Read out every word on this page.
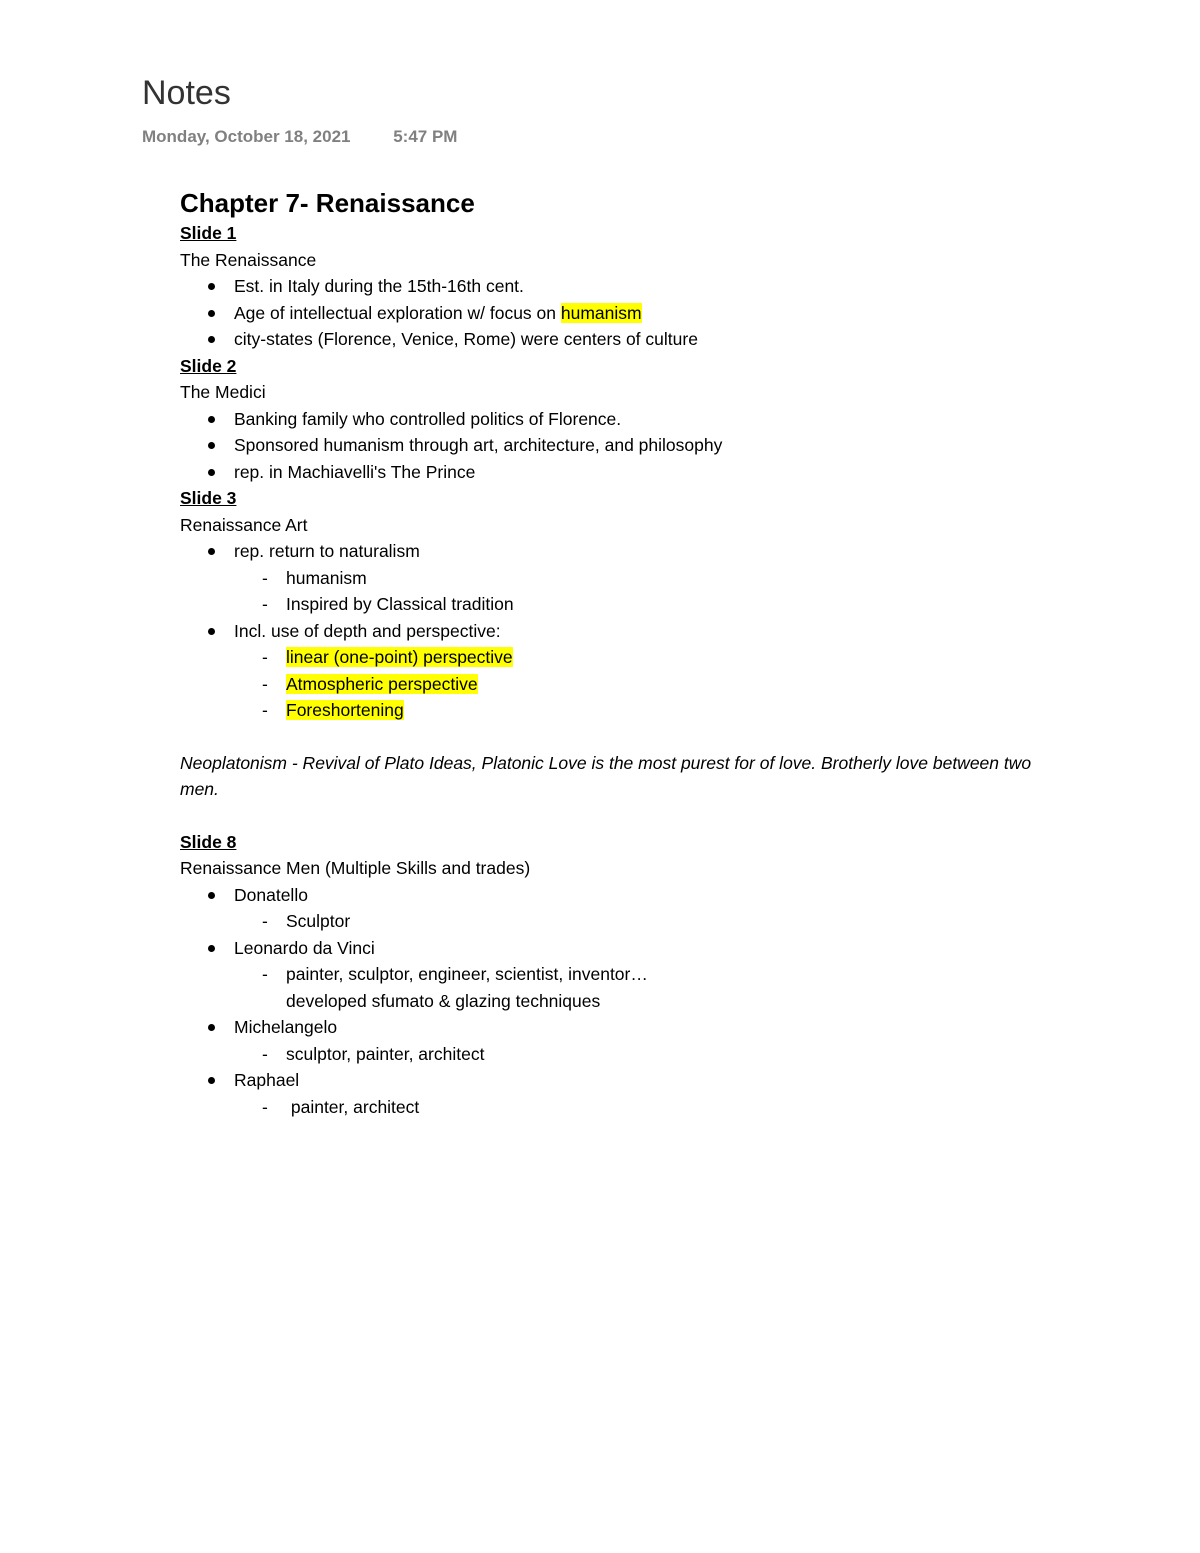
Notes
Monday, October 18, 2021	5:47 PM
Chapter 7- Renaissance
Slide 1
The Renaissance
Est. in Italy during the 15th-16th cent.
Age of intellectual exploration w/ focus on humanism
city-states (Florence, Venice, Rome) were centers of culture
Slide 2
The Medici
Banking family who controlled politics of Florence.
Sponsored humanism through art, architecture, and philosophy
rep. in Machiavelli's The Prince
Slide 3
Renaissance Art
rep. return to naturalism
- humanism
- Inspired by Classical tradition
Incl. use of depth and perspective:
- linear (one-point) perspective
- Atmospheric perspective
- Foreshortening
Neoplatonism - Revival of Plato Ideas, Platonic Love is the most purest for of love. Brotherly love between two men.
Slide 8
Renaissance Men (Multiple Skills and trades)
Donatello
- Sculptor
Leonardo da Vinci
- painter, sculptor, engineer, scientist, inventor…
developed sfumato & glazing techniques
Michelangelo
- sculptor, painter, architect
Raphael
-  painter, architect
